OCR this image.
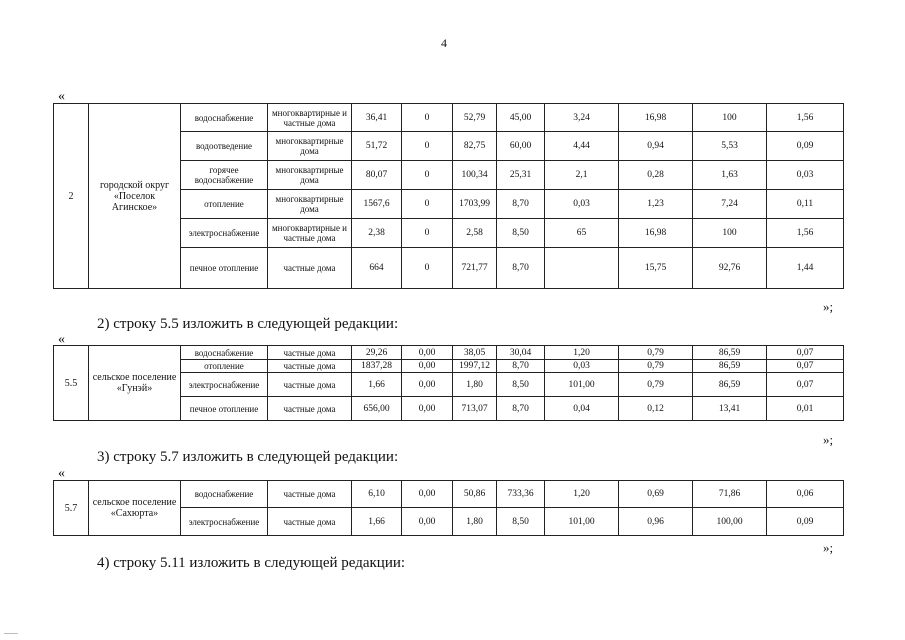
4
«
2	городской округ «Поселок Агинское»	водоснабжение	многоквартирные и частные дома	36,41	0	52,79	45,00	3,24	16,98	100	1,56
		водоотведение	многоквартирные дома	51,72	0	82,75	60,00	4,44	0,94	5,53	0,09
		горячее водоснабжение	многоквартирные дома	80,07	0	100,34	25,31	2,1	0,28	1,63	0,03
		отопление	многоквартирные дома	1567,6	0	1703,99	8,70	0,03	1,23	7,24	0,11
		электроснабжение	многоквартирные и частные дома	2,38	0	2,58	8,50	65	16,98	100	1,56
		печное отопление	частные дома	664	0	721,77	8,70		15,75	92,76	1,44
»;
2) строку 5.5 изложить в следующей редакции:
«
5.5	сельское поселение «Гунэй»	водоснабжение	частные дома	29,26	0,00	38,05	30,04	1,20	0,79	86,59	0,07
		отопление	частные дома	1837,28	0,00	1997,12	8,70	0,03	0,79	86,59	0,07
		электроснабжение	частные дома	1,66	0,00	1,80	8,50	101,00	0,79	86,59	0,07
		печное отопление	частные дома	656,00	0,00	713,07	8,70	0,04	0,12	13,41	0,01
»;
3) строку 5.7 изложить в следующей редакции:
«
5.7	сельское поселение «Сахюрта»	водоснабжение	частные дома	6,10	0,00	50,86	733,36	1,20	0,69	71,86	0,06
		электроснабжение	частные дома	1,66	0,00	1,80	8,50	101,00	0,96	100,00	0,09
»;
4) строку 5.11 изложить в следующей редакции:
